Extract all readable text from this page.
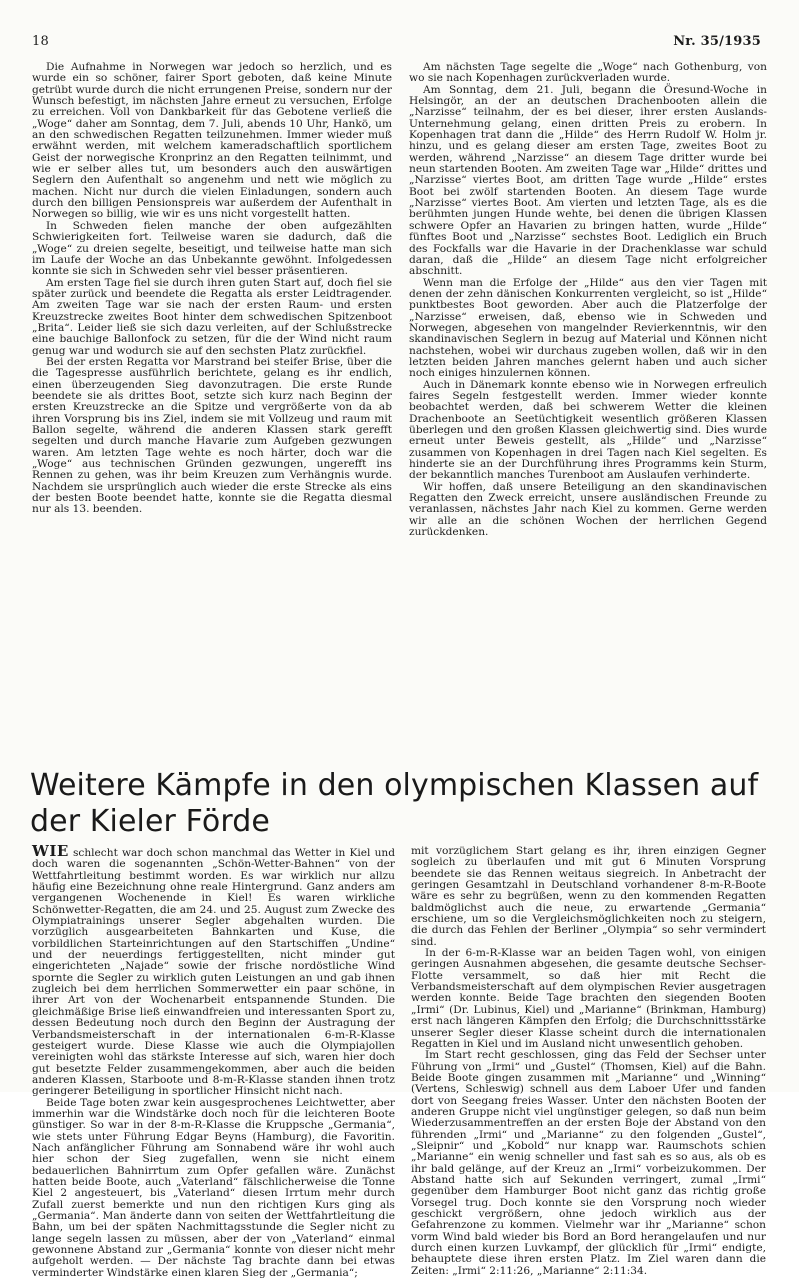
18	Nr. 35/1935

Die Aufnahme in Norwegen war jedoch so herzlich, und es wurde ein so schöner, fairer Sport geboten, daß keine Minute getrübt wurde durch die nicht errungenen Preise, sondern nur der Wunsch befestigt, im nächsten Jahre erneut zu versuchen, Erfolge zu erreichen. Voll von Dankbarkeit für das Gebotene verließ die „Woge“ daher am Sonntag, dem 7. Juli, abends 10 Uhr, Hankö, um an den schwedischen Regatten teilzunehmen. Immer wieder muß erwähnt werden, mit welchem kameradschaftlich sportlichem Geist der norwegische Kronprinz an den Regatten teilnimmt, und wie er selber alles tut, um besonders auch den auswärtigen Seglern den Aufenthalt so angenehm und nett wie möglich zu machen. Nicht nur durch die vielen Einladungen, sondern auch durch den billigen Pensionspreis war außerdem der Aufenthalt in Norwegen so billig, wie wir es uns nicht vorgestellt hatten.

In Schweden fielen manche der oben aufgezählten Schwierigkeiten fort. Teilweise waren sie dadurch, daß die „Woge“ zu dreien segelte, beseitigt, und teilweise hatte man sich im Laufe der Woche an das Unbekannte gewöhnt. Infolgedessen konnte sie sich in Schweden sehr viel besser präsentieren.

Am ersten Tage fiel sie durch ihren guten Start auf, doch fiel sie später zurück und beendete die Regatta als erster Leidtragender. Am zweiten Tage war sie nach der ersten Raum- und ersten Kreuzstrecke zweites Boot hinter dem schwedischen Spitzenboot „Brita“. Leider ließ sie sich dazu verleiten, auf der Schlußstrecke eine bauchige Ballonfock zu setzen, für die der Wind nicht raum genug war und wodurch sie auf den sechsten Platz zurückfiel.

Bei der ersten Regatta vor Marstrand bei steifer Brise, über die die Tagespresse ausführlich berichtete, gelang es ihr endlich, einen überzeugenden Sieg davonzutragen. Die erste Runde beendete sie als drittes Boot, setzte sich kurz nach Beginn der ersten Kreuzstrecke an die Spitze und vergrößerte von da ab ihren Vorsprung bis ins Ziel, indem sie mit Vollzeug und raum mit Ballon segelte, während die anderen Klassen stark gerefft segelten und durch manche Havarie zum Aufgeben gezwungen waren. Am letzten Tage wehte es noch härter, doch war die „Woge“ aus technischen Gründen gezwungen, ungerefft ins Rennen zu gehen, was ihr beim Kreuzen zum Verhängnis wurde. Nachdem sie ursprünglich auch wieder die erste Strecke als eins der besten Boote beendet hatte, konnte sie die Regatta diesmal nur als 13. beenden.

Am nächsten Tage segelte die „Woge“ nach Gothenburg, von wo sie nach Kopenhagen zurückverladen wurde.

Am Sonntag, dem 21. Juli, begann die Öresund-Woche in Helsingör, an der an deutschen Drachenbooten allein die „Narzisse“ teilnahm, der es bei dieser, ihrer ersten Auslands-Unternehmung gelang, einen dritten Preis zu erobern. In Kopenhagen trat dann die „Hilde“ des Herrn Rudolf W. Holm jr. hinzu, und es gelang dieser am ersten Tage, zweites Boot zu werden, während „Narzisse“ an diesem Tage dritter wurde bei neun startenden Booten. Am zweiten Tage war „Hilde“ drittes und „Narzisse“ viertes Boot, am dritten Tage wurde „Hilde“ erstes Boot bei zwölf startenden Booten. An diesem Tage wurde „Narzisse“ viertes Boot. Am vierten und letzten Tage, als es die berühmten jungen Hunde wehte, bei denen die übrigen Klassen schwere Opfer an Havarien zu bringen hatten, wurde „Hilde“ fünftes Boot und „Narzisse“ sechstes Boot. Lediglich ein Bruch des Fockfalls war die Havarie in der Drachenklasse war schuld daran, daß die „Hilde“ an diesem Tage nicht erfolgreicher abschnitt.

Wenn man die Erfolge der „Hilde“ aus den vier Tagen mit denen der zehn dänischen Konkurrenten vergleicht, so ist „Hilde“ punktbestes Boot geworden. Aber auch die Platzerfolge der „Narzisse“ erweisen, daß, ebenso wie in Schweden und Norwegen, abgesehen von mangelnder Revierkenntnis, wir den skandinavischen Seglern in bezug auf Material und Können nicht nachstehen, wobei wir durchaus zugeben wollen, daß wir in den letzten beiden Jahren manches gelernt haben und auch sicher noch einiges hinzulernen können.

Auch in Dänemark konnte ebenso wie in Norwegen erfreulich faires Segeln festgestellt werden. Immer wieder konnte beobachtet werden, daß bei schwerem Wetter die kleinen Drachenboote an Seetüchtigkeit wesentlich größeren Klassen überlegen und den großen Klassen gleichwertig sind. Dies wurde erneut unter Beweis gestellt, als „Hilde“ und „Narzisse“ zusammen von Kopenhagen in drei Tagen nach Kiel segelten. Es hinderte sie an der Durchführung ihres Programms kein Sturm, der bekanntlich manches Turenboot am Auslaufen verhinderte.

Wir hoffen, daß unsere Beteiligung an den skandinavischen Regatten den Zweck erreicht, unsere ausländischen Freunde zu veranlassen, nächstes Jahr nach Kiel zu kommen. Gerne werden wir alle an die schönen Wochen der herrlichen Gegend zurückdenken.

Weitere Kämpfe in den olympischen Klassen auf der Kieler Förde

WIE schlecht war doch schon manchmal das Wetter in Kiel und doch waren die sogenannten „Schön-Wetter-Bahnen“ von der Wettfahrtleitung bestimmt worden. Es war wirklich nur allzu häufig eine Bezeichnung ohne reale Hintergrund. Ganz anders am vergangenen Wochenende in Kiel! Es waren wirkliche Schönwetter-Regatten, die am 24. und 25. August zum Zwecke des Olympiatrainings unserer Segler abgehalten wurden. Die vorzüglich ausgearbeiteten Bahnkarten und Kuse, die vorbildlichen Starteinrichtungen auf den Startschiffen „Undine“ und der neuerdings fertiggestellten, nicht minder gut eingerichteten „Najade“ sowie der frische nordöstliche Wind spornte die Segler zu wirklich guten Leistungen an und gab ihnen zugleich bei dem herrlichen Sommerwetter ein paar schöne, in ihrer Art von der Wochenarbeit entspannende Stunden. Die gleichmäßige Brise ließ einwandfreien und interessanten Sport zu, dessen Bedeutung noch durch den Beginn der Austragung der Verbandsmeisterschaft in der internationalen 6-m-R-Klasse gesteigert wurde. Diese Klasse wie auch die Olympiajollen vereinigten wohl das stärkste Interesse auf sich, waren hier doch gut besetzte Felder zusammengekommen, aber auch die beiden anderen Klassen, Starboote und 8-m-R-Klasse standen ihnen trotz geringerer Beteiligung in sportlicher Hinsicht nicht nach.

Beide Tage boten zwar kein ausgesprochenes Leichtwetter, aber immerhin war die Windstärke doch noch für die leichteren Boote günstiger. So war in der 8-m-R-Klasse die Kruppsche „Germania“, wie stets unter Führung Edgar Beyns (Hamburg), die Favoritin. Nach anfänglicher Führung am Sonnabend wäre ihr wohl auch hier schon der Sieg zugefallen, wenn sie nicht einem bedauerlichen Bahnirrtum zum Opfer gefallen wäre. Zunächst hatten beide Boote, auch „Vaterland“ fälschlicherweise die Tonne Kiel 2 angesteuert, bis „Vaterland“ diesen Irrtum mehr durch Zufall zuerst bemerkte und nun den richtigen Kurs ging als „Germania“. Man änderte dann von seiten der Wettfahrtleitung die Bahn, um bei der späten Nachmittagsstunde die Segler nicht zu lange segeln lassen zu müssen, aber der von „Vaterland“ einmal gewonnene Abstand zur „Germania“ konnte von dieser nicht mehr aufgeholt werden. — Der nächste Tag brachte dann bei etwas verminderter Windstärke einen klaren Sieg der „Germania“;

mit vorzüglichem Start gelang es ihr, ihren einzigen Gegner sogleich zu überlaufen und mit gut 6 Minuten Vorsprung beendete sie das Rennen weitaus siegreich. In Anbetracht der geringen Gesamtzahl in Deutschland vorhandener 8-m-R-Boote wäre es sehr zu begrüßen, wenn zu den kommenden Regatten baldmöglichst auch die neue, zu erwartende „Germania“ erschiene, um so die Vergleichsmöglichkeiten noch zu steigern, die durch das Fehlen der Berliner „Olympia“ so sehr vermindert sind.

In der 6-m-R-Klasse war an beiden Tagen wohl, von einigen geringen Ausnahmen abgesehen, die gesamte deutsche Sechser-Flotte versammelt, so daß hier mit Recht die Verbandsmeisterschaft auf dem olympischen Revier ausgetragen werden konnte. Beide Tage brachten den siegenden Booten „Irmi“ (Dr. Lubinus, Kiel) und „Marianne“ (Brinkman, Hamburg) erst nach längeren Kämpfen den Erfolg; die Durchschnittsstärke unserer Segler dieser Klasse scheint durch die internationalen Regatten in Kiel und im Ausland nicht unwesentlich gehoben.

Im Start recht geschlossen, ging das Feld der Sechser unter Führung von „Irmi“ und „Gustel“ (Thomsen, Kiel) auf die Bahn. Beide Boote gingen zusammen mit „Marianne“ und „Winning“ (Vertens, Schleswig) schnell aus dem Laboer Ufer und fanden dort von Seegang freies Wasser. Unter den nächsten Booten der anderen Gruppe nicht viel ungünstiger gelegen, so daß nun beim Wiederzusammentreffen an der ersten Boje der Abstand von den führenden „Irmi“ und „Marianne“ zu den folgenden „Gustel“, „Sleipnir“ und „Kobold“ nur knapp war. Raumschots schien „Marianne“ ein wenig schneller und fast sah es so aus, als ob es ihr bald gelänge, auf der Kreuz an „Irmi“ vorbeizukommen. Der Abstand hatte sich auf Sekunden verringert, zumal „Irmi“ gegenüber dem Hamburger Boot nicht ganz das richtig große Vorsegel trug. Doch konnte sie den Vorsprung noch wieder geschickt vergrößern, ohne jedoch wirklich aus der Gefahrenzone zu kommen. Vielmehr war ihr „Marianne“ schon vorm Wind bald wieder bis Bord an Bord herangelaufen und nur durch einen kurzen Luvkampf, der glücklich für „Irmi“ endigte, behauptete diese ihren ersten Platz. Im Ziel waren dann die Zeiten: „Irmi“ 2:11:26, „Marianne“ 2:11:34.
